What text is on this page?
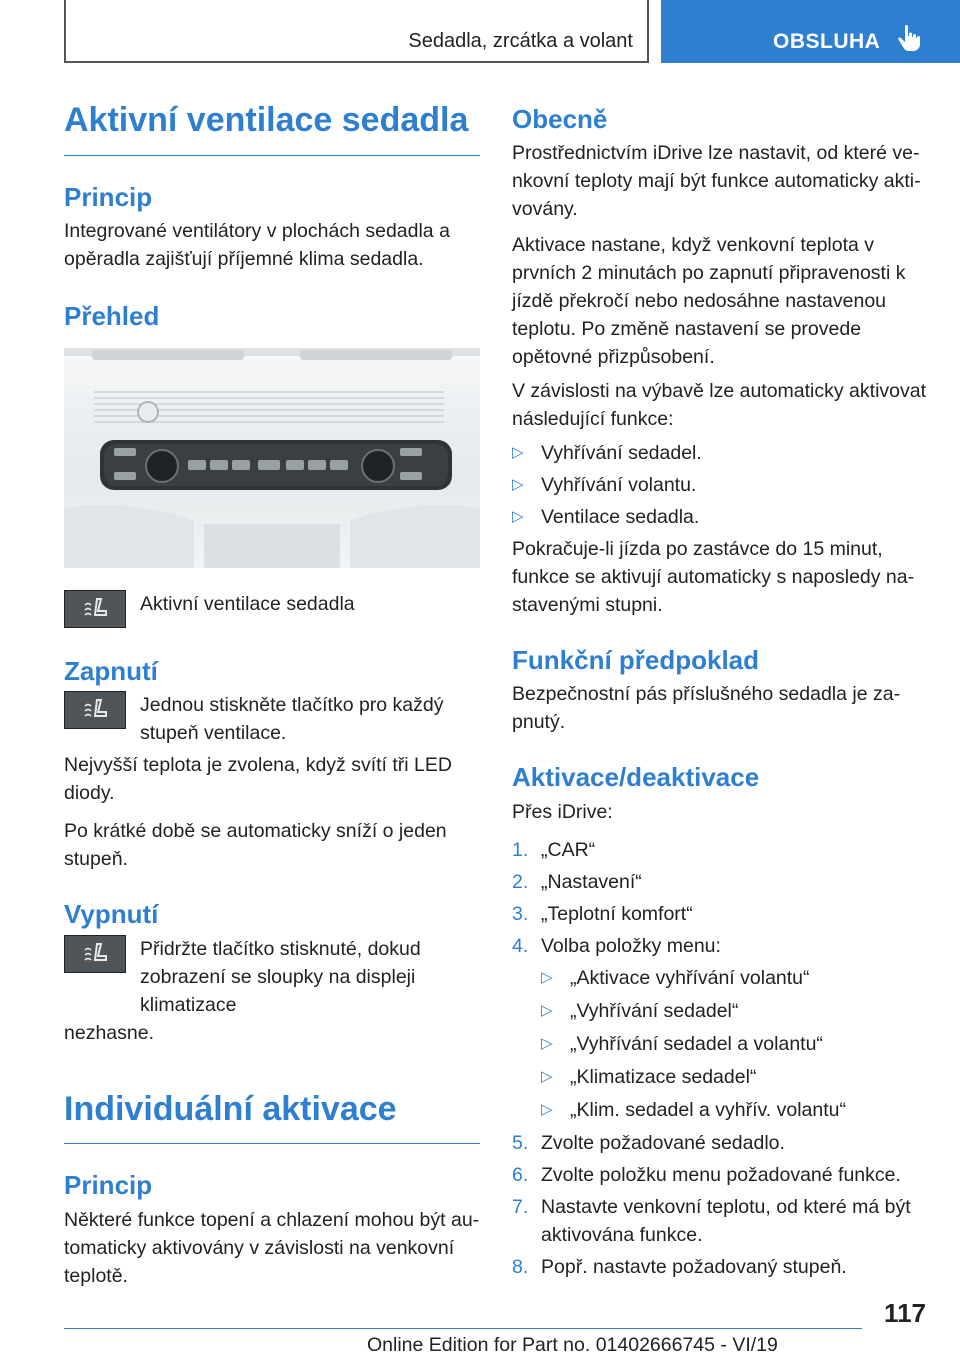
Sedadla, zrcátka a volant	OBSLUHA
Aktivní ventilace sedadla
Princip

Integrované ventilátory v plochách sedadla a opěradla zajišťují příjemné klima sedadla.

Přehled

Aktivní ventilace sedadla

Zapnutí

Jednou stiskněte tlačítko pro každý stupeň ventilace.

Nejvyšší teplota je zvolena, když svítí tři LED diody.

Po krátké době se automaticky sníží o jeden stupeň.

Vypnutí

Přidržte tlačítko stisknuté, dokud zobrazení se sloupky na displeji klimatizace

nezhasne.

Individuální aktivace
Princip

Některé funkce topení a chlazení mohou být automaticky aktivovány v závislosti na venkovní teplotě.

Obecně

Prostřednictvím iDrive lze nastavit, od které venkovní teploty mají být funkce automaticky aktivovány.

Aktivace nastane, když venkovní teplota v prvních 2 minutách po zapnutí připravenosti k jízdě překročí nebo nedosáhne nastavenou teplotu. Po změně nastavení se provede opětovné přizpůsobení.

V závislosti na výbavě lze automaticky aktivovat následující funkce:

▷ Vyhřívání sedadel.

▷ Vyhřívání volantu.

▷ Ventilace sedadla.

Pokračuje-li jízda po zastávce do 15 minut, funkce se aktivují automaticky s naposledy nastavenými stupni.

Funkční předpoklad

Bezpečnostní pás příslušného sedadla je zapnutý.

Aktivace/deaktivace

Přes iDrive:

1. „CAR“

2. „Nastavení“

3. „Teplotní komfort“

4. Volba položky menu:

▷ „Aktivace vyhřívání volantu“

▷ „Vyhřívání sedadel“

▷ „Vyhřívání sedadel a volantu“

▷ „Klimatizace sedadel“

▷ „Klim. sedadel a vyhřív. volantu“

5. Zvolte požadované sedadlo.

6. Zvolte položku menu požadované funkce.

7. Nastavte venkovní teplotu, od které má být aktivována funkce.

8. Popř. nastavte požadovaný stupeň.

117
Online Edition for Part no. 01402666745 - VI/19
